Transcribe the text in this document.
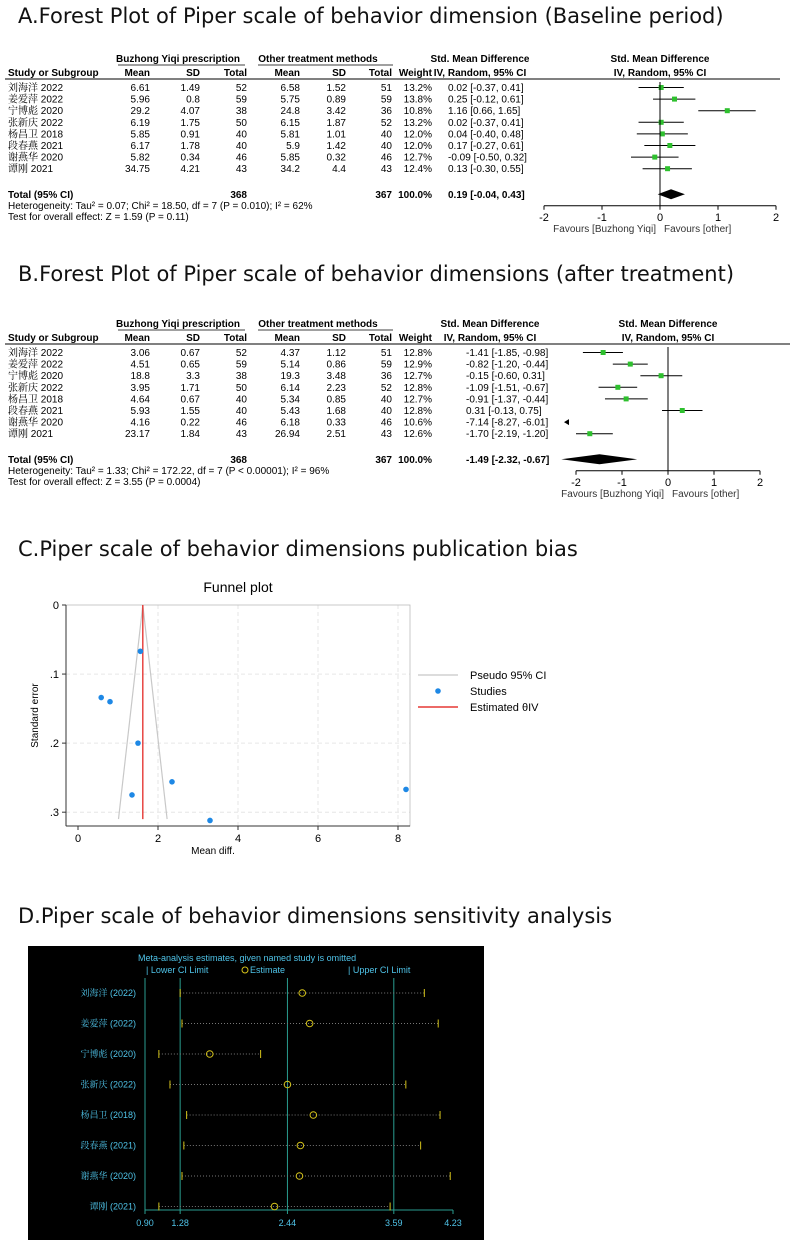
A.Forest Plot of Piper scale of behavior dimension (Baseline period)
B.Forest Plot of Piper scale of behavior dimensions (after treatment)
C.Piper scale of behavior dimensions publication bias
D.Piper scale of behavior dimensions sensitivity analysis
Buzhong Yiqi prescription Other treatment methods	Std. Mean Difference	Std. Mean Difference
Study or Subgroup	Mean	SD Total	Mean	SD Total Weight IV, Random, 95% CI	IV, Random, 95% CI
刘海洋 2022	6.61	1.49	52	6.58	1.52	51 13.2% 0.02 [-0.37, 0.41]
姜爱萍 2022	5.96	0.8	59	5.75	0.89	59 13.8% 0.25 [-0.12, 0.61]
宁博彪 2020	29.2	4.07	38	24.8	3.42	36 10.8% 1.16 [0.66, 1.65]
张新庆 2022	6.19	1.75	50	6.15	1.87	52 13.2% 0.02 [-0.37, 0.41]
杨昌卫 2018	5.85	0.91	40	5.81	1.01	40 12.0% 0.04 [-0.40, 0.48]
段春燕 2021	6.17	1.78	40	5.9	1.42	40 12.0% 0.17 [-0.27, 0.61]
谢燕华 2020	5.82	0.34	46	5.85	0.32	46 12.7% -0.09 [-0.50, 0.32]
谭刚 2021	34.75	4.21	43	34.2	4.4	43 12.4% 0.13 [-0.30, 0.55]
Total (95% CI)	368	367 100.0% 0.19 [-0.04, 0.43]
Heterogeneity: Tau² = 0.07; Chi² = 18.50, df = 7 (P = 0.010); I² = 62%
Test for overall effect: Z = 1.59 (P = 0.11)	-2	-1	0	1	2
Favours [Buzhong Yiqi] Favours [other]
Buzhong Yiqi prescription Other treatment methods	Std. Mean Difference	Std. Mean Difference
Study or Subgroup	Mean	SD Total	Mean	SD Total Weight IV, Random, 95% CI	IV, Random, 95% CI
刘海洋 2022	3.06	0.67	52	4.37	1.12	51 12.8%	-1.41 [-1.85, -0.98]
姜爱萍 2022	4.51	0.65	59	5.14	0.86	59 12.9%	-0.82 [-1.20, -0.44]
宁博彪 2020	18.8	3.3	38	19.3	3.48	36 12.7%	-0.15 [-0.60, 0.31]
张新庆 2022	3.95	1.71	50	6.14	2.23	52 12.8%	-1.09 [-1.51, -0.67]
杨昌卫 2018	4.64	0.67	40	5.34	0.85	40 12.7%	-0.91 [-1.37, -0.44]
段春燕 2021	5.93	1.55	40	5.43	1.68	40 12.8%	0.31 [-0.13, 0.75]
谢燕华 2020	4.16	0.22	46	6.18	0.33	46 10.6%	-7.14 [-8.27, -6.01]
谭刚 2021	23.17	1.84	43	26.94	2.51	43 12.6%	-1.70 [-2.19, -1.20]
Total (95% CI)	368	367 100.0%	-1.49 [-2.32, -0.67]
Heterogeneity: Tau² = 1.33; Chi² = 172.22, df = 7 (P < 0.00001); I² = 96%
Test for overall effect: Z = 3.55 (P = 0.0004)	-2	-1	0	1	2
Favours [Buzhong Yiqi] Favours [other]
Funnel plot
0	2	4	6	8
0
.1
.2
.3
Mean diff.
Standard error
Pseudo 95% CI
Studies
Estimated θIV
Meta-analysis estimates, given named study is omitted
| Lower CI Limit	Estimate	| Upper CI Limit
0.90 1.28	2.44	3.59	4.23
刘海洋 (2022)
姜爱萍 (2022)
宁博彪 (2020)
张新庆 (2022)
杨昌卫 (2018)
段春燕 (2021)
谢燕华 (2020)
谭刚 (2021)
